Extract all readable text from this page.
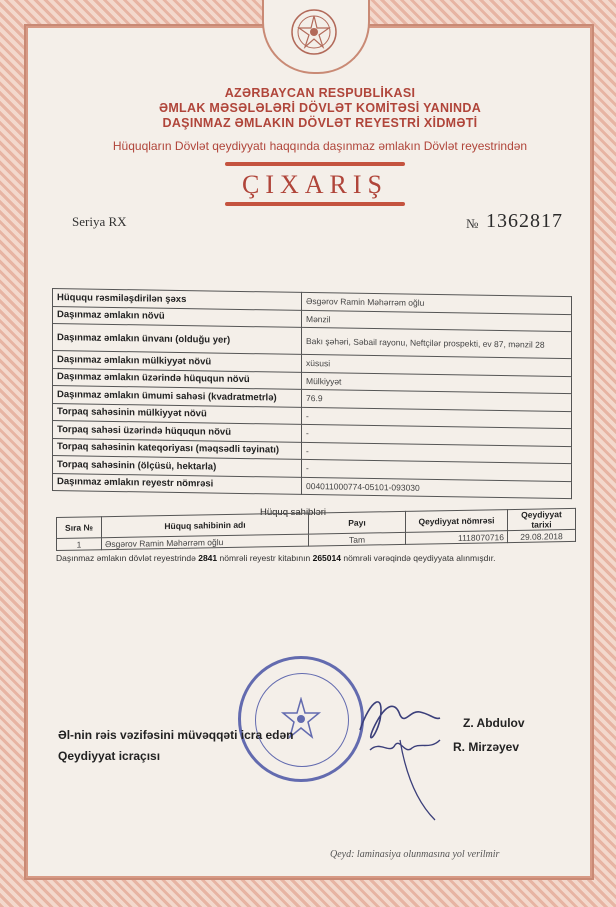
AZƏRBAYCAN RESPUBLİKASI
ƏMLAK MƏSƏLƏLƏRİ DÖVLƏT KOMİTƏSİ YANINDA
DAŞINMAZ ƏMLAKIN DÖVLƏT REYESTRİ XİDMƏTİ
Hüquqların Dövlət qeydiyyatı haqqında daşınmaz əmlakın Dövlət reyestrindən
ÇIXARIŞ
Seriya RX	№ 1362817
Hüququ rəsmiləşdirilən şəxs	Əsgərov Ramin Məhərrəm oğlu
Daşınmaz əmlakın növü	Mənzil
Daşınmaz əmlakın ünvanı (olduğu yer)	Bakı şəhəri, Səbail rayonu, Neftçilər prospekti, ev 87, mənzil 28
Daşınmaz əmlakın mülkiyyət növü	xüsusi
Daşınmaz əmlakın üzərində hüququn növü	Mülkiyyət
Daşınmaz əmlakın ümumi sahəsi (kvadratmetrlə)	76.9
Torpaq sahəsinin mülkiyyət növü	-
Torpaq sahəsi üzərində hüququn növü	-
Torpaq sahəsinin kateqoriyası (məqsədli təyinatı)	-
Torpaq sahəsinin (ölçüsü, hektarla)	-
Daşınmaz əmlakın reyestr nömrəsi	004011000774-05101-093030
Hüquq sahibləri
Sıra №	Hüquq sahibinin adı	Payı	Qeydiyyat nömrəsi	Qeydiyyat tarixi
1	Əsgərov Ramin Məhərrəm oğlu	Tam	1118070716	29.08.2018
Daşınmaz əmlakın dövlət reyestrində 2841 nömrəli reyestr kitabının 265014 nömrəli vərəqində qeydiyyata alınmışdır.
Əl-nin rəis vəzifəsini müvəqqəti icra edən
Qeydiyyat icraçısı
Z. Abdulov
R. Mirzəyev
Qeyd: laminasiya olunmasına yol verilmir
